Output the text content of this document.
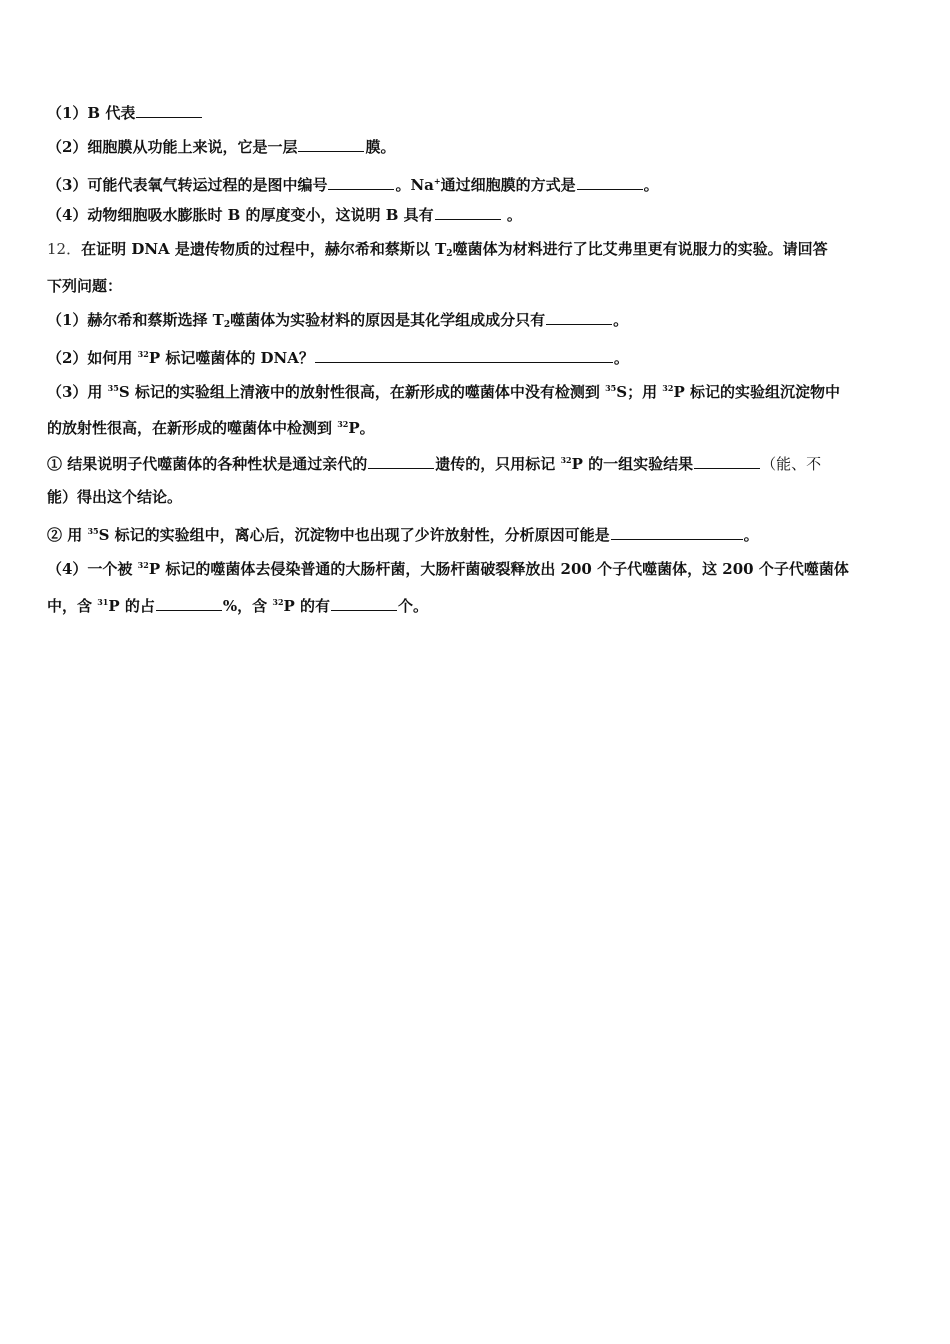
（1）B 代表
（2）细胞膜从功能上来说，它是一层	膜。
（3）可能代表氧气转运过程的是图中编号	。Na+通过细胞膜的方式是	。
（4）动物细胞吸水膨胀时 B 的厚度变小，这说明 B 具有	。
12．在证明 DNA 是遗传物质的过程中，赫尔希和蔡斯以 $T_2$噬菌体为材料进行了比艾弗里更有说服力的实验。请回答
下列问题：
（1）赫尔希和蔡斯选择 $T_2$噬菌体为实验材料的原因是其化学组成成分只有	。
（2）如何用 $^{32}$P 标记噬菌体的 DNA？	。
（3）用 $^{35}$S 标记的实验组上清液中的放射性很高，在新形成的噬菌体中没有检测到 $^{35}$S；用 $^{32}$P 标记的实验组沉淀物中
的放射性很高，在新形成的噬菌体中检测到 $^{32}$P。
① 结果说明子代噬菌体的各种性状是通过亲代的	遗传的，只用标记 $^{32}$P 的一组实验结果	（能、不
能）得出这个结论。
② 用 $^{35}$S 标记的实验组中，离心后，沉淀物中也出现了少许放射性，分析原因可能是	。
（4）一个被 $^{32}$P 标记的噬菌体去侵染普通的大肠杆菌，大肠杆菌破裂释放出 200 个子代噬菌体，这 200 个子代噬菌体
中，含 $^{31}$P 的占	%，含 $^{32}$P 的有	个。
